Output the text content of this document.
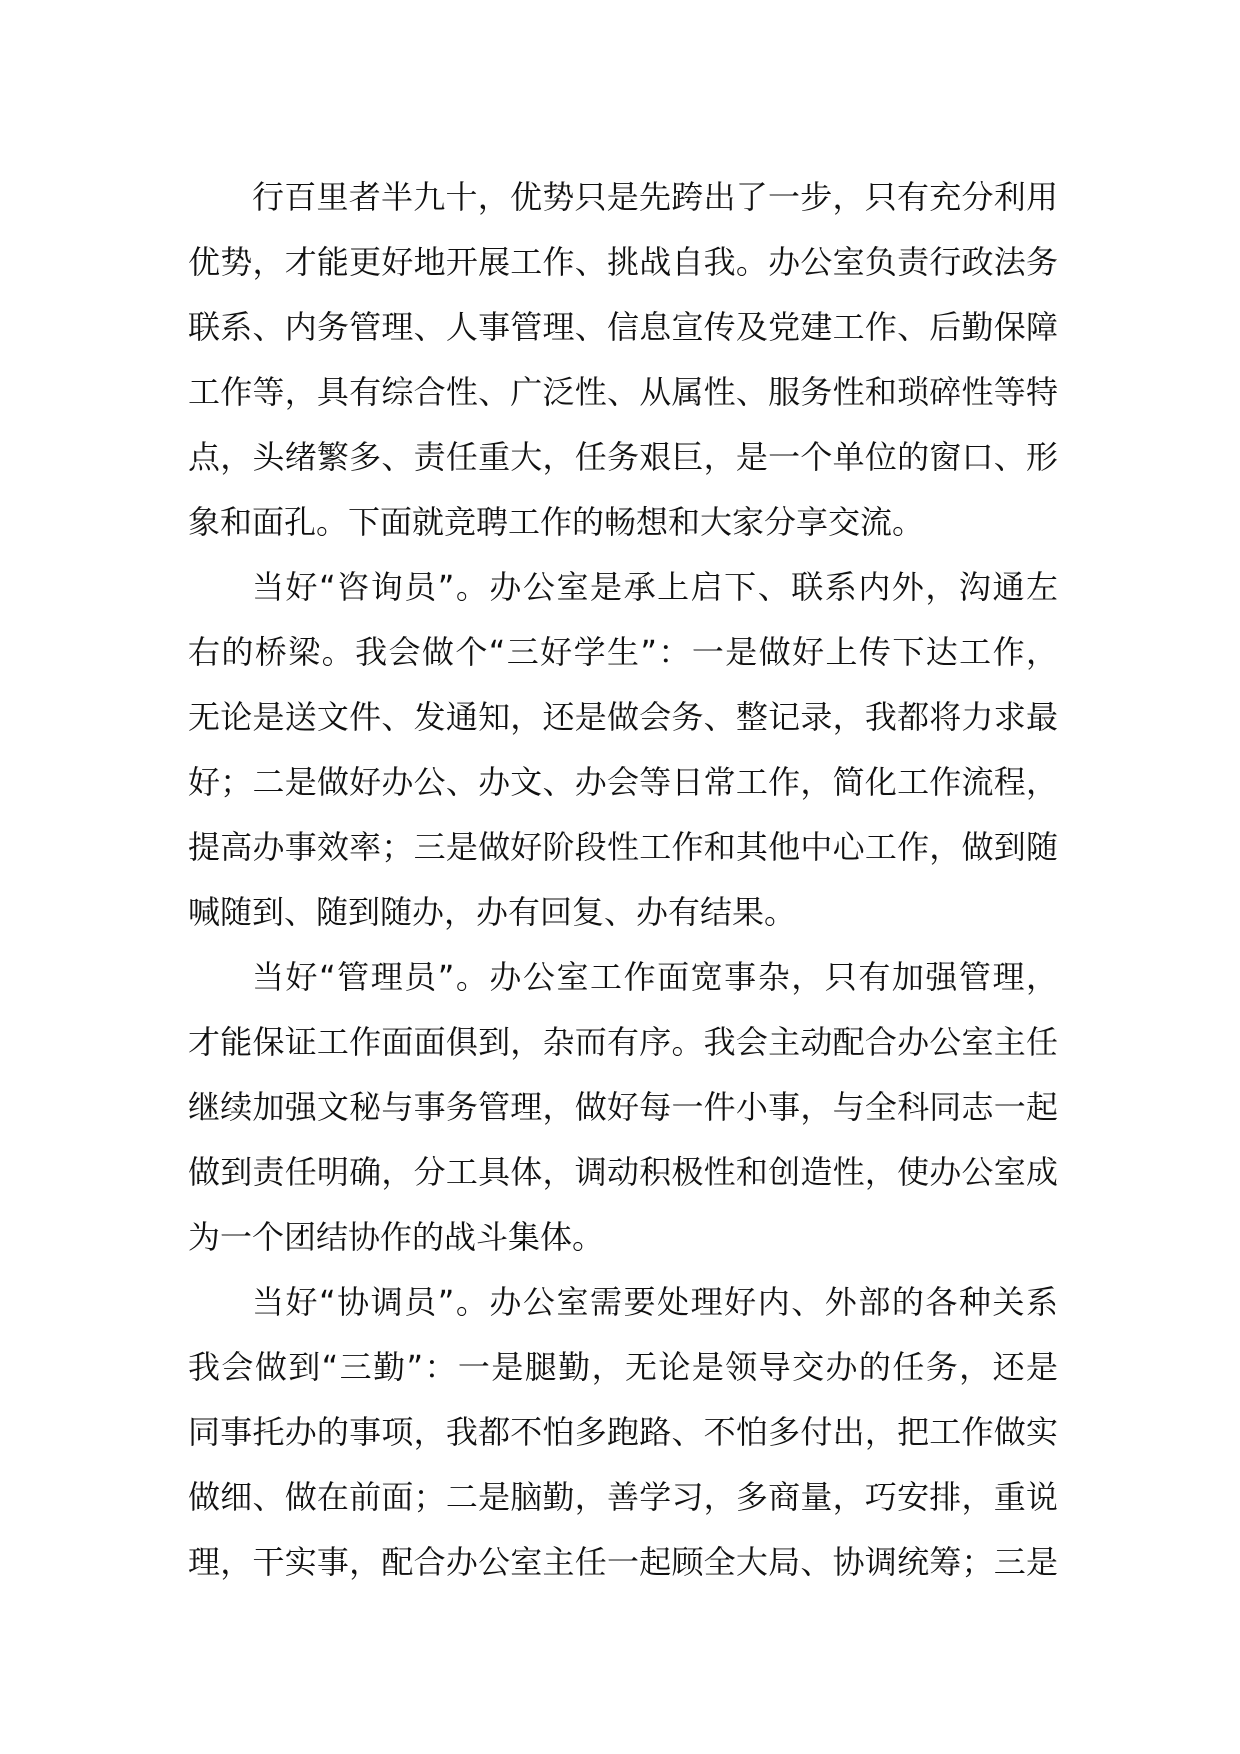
行百里者半九十，优势只是先跨出了一步，只有充分利用
优势，才能更好地开展工作、挑战自我。办公室负责行政法务
联系、内务管理、人事管理、信息宣传及党建工作、后勤保障
工作等，具有综合性、广泛性、从属性、服务性和琐碎性等特
点，头绪繁多、责任重大，任务艰巨，是一个单位的窗口、形
象和面孔。下面就竞聘工作的畅想和大家分享交流。
当好“咨询员”。办公室是承上启下、联系内外，沟通左
右的桥梁。我会做个“三好学生”：一是做好上传下达工作，
无论是送文件、发通知，还是做会务、整记录，我都将力求最
好；二是做好办公、办文、办会等日常工作，简化工作流程，
提高办事效率；三是做好阶段性工作和其他中心工作，做到随
喊随到、随到随办，办有回复、办有结果。
当好“管理员”。办公室工作面宽事杂，只有加强管理，
才能保证工作面面俱到，杂而有序。我会主动配合办公室主任
继续加强文秘与事务管理，做好每一件小事，与全科同志一起
做到责任明确，分工具体，调动积极性和创造性，使办公室成
为一个团结协作的战斗集体。
当好“协调员”。办公室需要处理好内、外部的各种关系
我会做到“三勤”：一是腿勤，无论是领导交办的任务，还是
同事托办的事项，我都不怕多跑路、不怕多付出，把工作做实
做细、做在前面；二是脑勤，善学习，多商量，巧安排，重说
理，干实事，配合办公室主任一起顾全大局、协调统筹；三是
